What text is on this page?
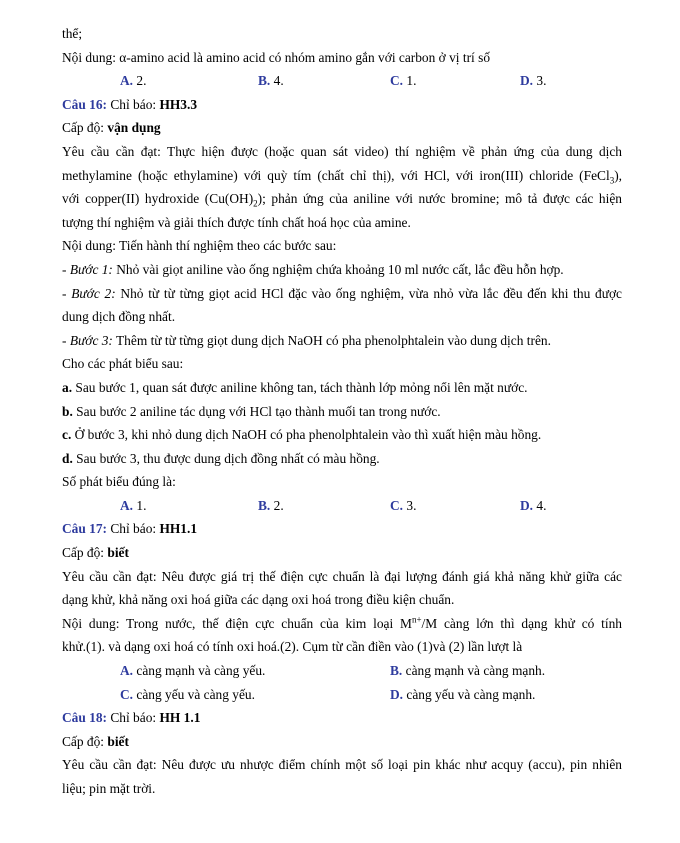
thể;
Nội dung: α-amino acid là amino acid có nhóm amino gắn với carbon ở vị trí số
A. 2.	B. 4.	C. 1.	D. 3.
Câu 16: Chỉ báo: HH3.3
Cấp độ: vận dụng
Yêu cầu cần đạt: Thực hiện được (hoặc quan sát video) thí nghiệm về phản ứng của dung dịch
methylamine (hoặc ethylamine) với quỳ tím (chất chỉ thị), với HCl, với iron(III) chloride (FeCl$_3$),
với copper(II) hydroxide $(Cu(OH)_2)$; phản ứng của aniline với nước bromine; mô tả được các hiện
tượng thí nghiệm và giải thích được tính chất hoá học của amine.
Nội dung: Tiến hành thí nghiệm theo các bước sau:
- Bước 1: Nhỏ vài giọt aniline vào ống nghiệm chứa khoảng 10 ml nước cất, lắc đều hỗn hợp.
- Bước 2: Nhỏ từ từ từng giọt acid HCl đặc vào ống nghiệm, vừa nhỏ vừa lắc đều đến khi thu được
dung dịch đồng nhất.
- Bước 3: Thêm từ từ từng giọt dung dịch NaOH có pha phenolphtalein vào dung dịch trên.
Cho các phát biểu sau:
a. Sau bước 1, quan sát được aniline không tan, tách thành lớp mỏng nổi lên mặt nước.
b. Sau bước 2 aniline tác dụng với HCl tạo thành muối tan trong nước.
c. Ở bước 3, khi nhỏ dung dịch NaOH có pha phenolphtalein vào thì xuất hiện màu hồng.
d. Sau bước 3, thu được dung dịch đồng nhất có màu hồng.
Số phát biểu đúng là:
A. 1.	B. 2.	C. 3.	D. 4.
Câu 17: Chỉ báo: HH1.1
Cấp độ: biết
Yêu cầu cần đạt: Nêu được giá trị thế điện cực chuẩn là đại lượng đánh giá khả năng khử giữa các
dạng khử, khả năng oxi hoá giữa các dạng oxi hoá trong điều kiện chuẩn.
Nội dung: Trong nước, thế điện cực chuẩn của kim loại $M^{n+}/M$ càng lớn thì dạng khử có tính
khử.(1). và dạng oxi hoá có tính oxi hoá.(2). Cụm từ cần điền vào (1)và (2) lần lượt là
A. càng mạnh và càng yếu.	B. càng mạnh và càng mạnh.
C. càng yếu và càng yếu.	D. càng yếu và càng mạnh.
Câu 18: Chỉ báo: HH 1.1
Cấp độ: biết
Yêu cầu cần đạt: Nêu được ưu nhược điểm chính một số loại pin khác như acquy (accu), pin nhiên
liệu; pin mặt trời.
